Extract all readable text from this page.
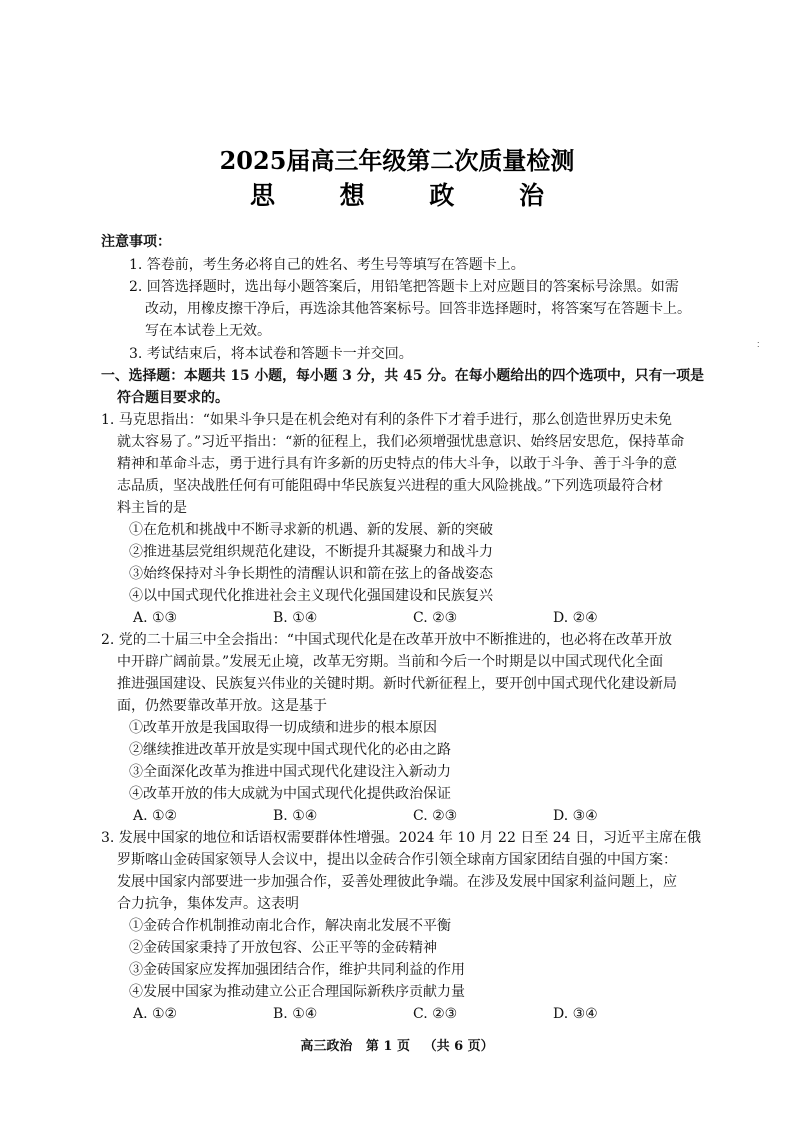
2025届高三年级第二次质量检测
思 想 政 治
注意事项：
1. 答卷前，考生务必将自己的姓名、考生号等填写在答题卡上。
2. 回答选择题时，选出每小题答案后，用铅笔把答题卡上对应题目的答案标号涂黑。如需
改动，用橡皮擦干净后，再选涂其他答案标号。回答非选择题时，将答案写在答题卡上。
写在本试卷上无效。
3. 考试结束后，将本试卷和答题卡一并交回。
∶
一、选择题：本题共 15 小题，每小题 3 分，共 45 分。在每小题给出的四个选项中，只有一项是
符合题目要求的。
1. 马克思指出：“如果斗争只是在机会绝对有利的条件下才着手进行，那么创造世界历史未免
就太容易了。”习近平指出：“新的征程上，我们必须增强忧患意识、始终居安思危，保持革命
精神和革命斗志，勇于进行具有许多新的历史特点的伟大斗争，以敢于斗争、善于斗争的意
志品质，坚决战胜任何有可能阻碍中华民族复兴进程的重大风险挑战。”下列选项最符合材
料主旨的是
①在危机和挑战中不断寻求新的机遇、新的发展、新的突破
②推进基层党组织规范化建设，不断提升其凝聚力和战斗力
③始终保持对斗争长期性的清醒认识和箭在弦上的备战姿态
④以中国式现代化推进社会主义现代化强国建设和民族复兴
A. ①③	B. ①④	C. ②③	D. ②④
2. 党的二十届三中全会指出：“中国式现代化是在改革开放中不断推进的，也必将在改革开放
中开辟广阔前景。”发展无止境，改革无穷期。当前和今后一个时期是以中国式现代化全面
推进强国建设、民族复兴伟业的关键时期。新时代新征程上，要开创中国式现代化建设新局
面，仍然要靠改革开放。这是基于
①改革开放是我国取得一切成绩和进步的根本原因
②继续推进改革开放是实现中国式现代化的必由之路
③全面深化改革为推进中国式现代化建设注入新动力
④改革开放的伟大成就为中国式现代化提供政治保证
A. ①②	B. ①④	C. ②③	D. ③④
3. 发展中国家的地位和话语权需要群体性增强。2024 年 10 月 22 日至 24 日，习近平主席在俄
罗斯喀山金砖国家领导人会议中，提出以金砖合作引领全球南方国家团结自强的中国方案：
发展中国家内部要进一步加强合作，妥善处理彼此争端。在涉及发展中国家利益问题上，应
合力抗争，集体发声。这表明
①金砖合作机制推动南北合作，解决南北发展不平衡
②金砖国家秉持了开放包容、公正平等的金砖精神
③金砖国家应发挥加强团结合作，维护共同利益的作用
④发展中国家为推动建立公正合理国际新秩序贡献力量
A. ①②	B. ①④	C. ②③	D. ③④
高三政治   第 1 页   （共 6 页）
